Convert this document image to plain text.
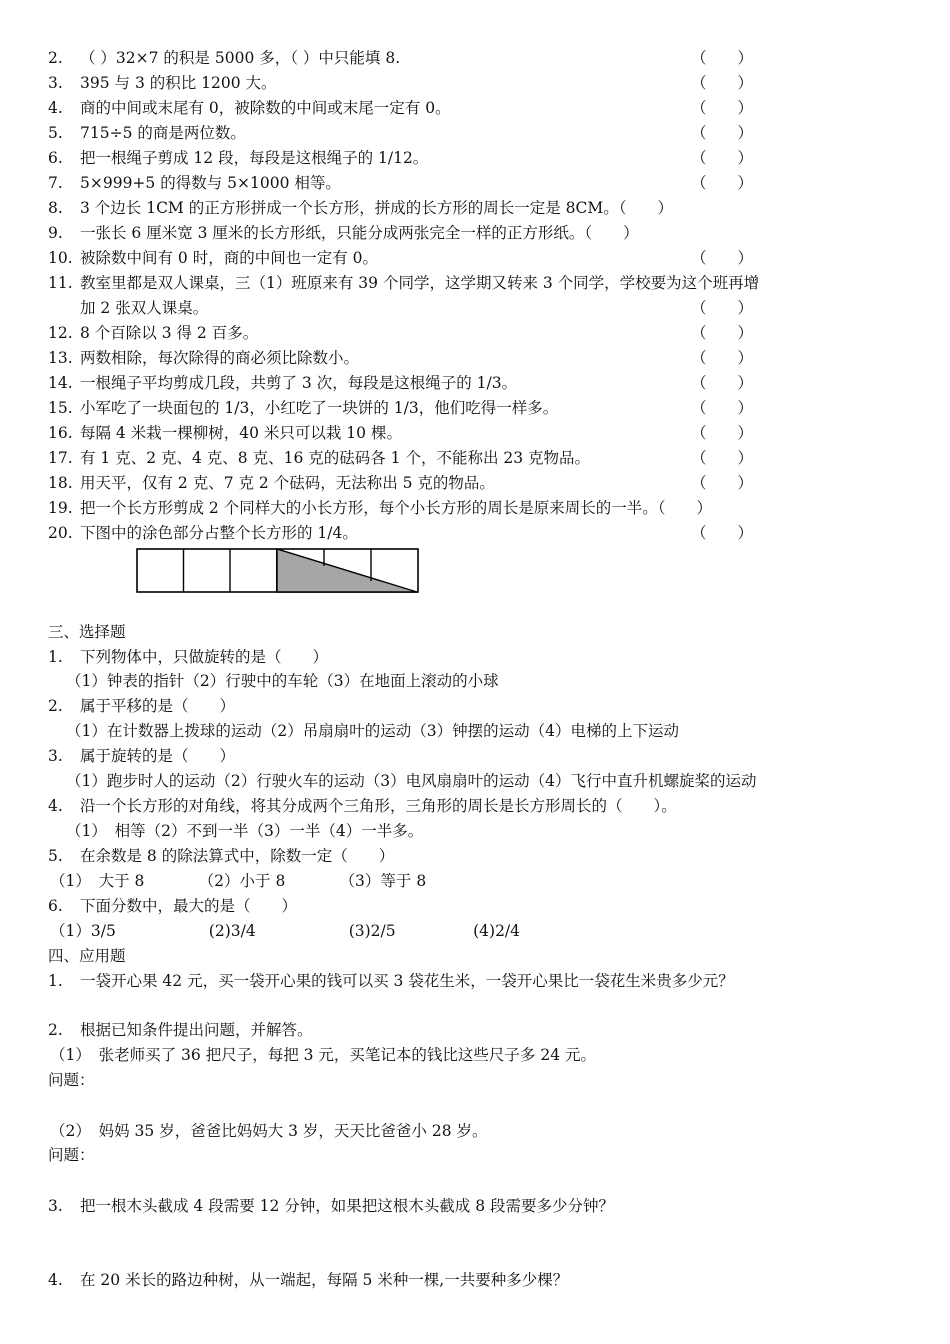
2. （ ）32×7 的积是 5000 多，（ ）中只能填 8.	（　　）
3. 395 与 3 的积比 1200 大。	（　　）
4. 商的中间或末尾有 0，被除数的中间或末尾一定有 0。	（　　）
5. 715÷5 的商是两位数。	（　　）
6. 把一根绳子剪成 12 段，每段是这根绳子的 1/12。	（　　）
7. 5×999+5 的得数与 5×1000 相等。	（　　）
8. 3 个边长 1CM 的正方形拼成一个长方形，拼成的长方形的周长一定是 8CM。（　　）
9. 一张长 6 厘米宽 3 厘米的长方形纸，只能分成两张完全一样的正方形纸。（　　）
10. 被除数中间有 0 时，商的中间也一定有 0。	（　　）
11. 教室里都是双人课桌，三（1）班原来有 39 个同学，这学期又转来 3 个同学，学校要为这个班再增
加 2 张双人课桌。	（　　）
12. 8 个百除以 3 得 2 百多。	（　　）
13. 两数相除，每次除得的商必须比除数小。	（　　）
14. 一根绳子平均剪成几段，共剪了 3 次，每段是这根绳子的 1/3。	（　　）
15. 小军吃了一块面包的 1/3，小红吃了一块饼的 1/3，他们吃得一样多。	（　　）
16. 每隔 4 米栽一棵柳树，40 米只可以栽 10 棵。	（　　）
17. 有 1 克、2 克、4 克、8 克、16 克的砝码各 1 个，不能称出 23 克物品。	（　　）
18. 用天平，仅有 2 克、7 克 2 个砝码，无法称出 5 克的物品。	（　　）
19. 把一个长方形剪成 2 个同样大的小长方形，每个小长方形的周长是原来周长的一半。（　　）
20. 下图中的涂色部分占整个长方形的 1/4。	（　　）
三、选择题
1. 下列物体中，只做旋转的是（　　）
（1）钟表的指针（2）行驶中的车轮（3）在地面上滚动的小球
2. 属于平移的是（　　）
（1）在计数器上拨球的运动（2）吊扇扇叶的运动（3）钟摆的运动（4）电梯的上下运动
3. 属于旋转的是（　　）
（1）跑步时人的运动（2）行驶火车的运动（3）电风扇扇叶的运动（4）飞行中直升机螺旋桨的运动
4. 沿一个长方形的对角线，将其分成两个三角形，三角形的周长是长方形周长的（　　）。
（1）　相等（2）不到一半（3）一半（4）一半多。
5. 在余数是 8 的除法算式中，除数一定（　　）
（1）　大于 8　　　　（2）小于 8　　　　（3）等于 8
6. 下面分数中，最大的是（　　）
（1）3/5　　　　　　(2)3/4　　　　　　(3)2/5　　　　　(4)2/4
四、应用题
1. 一袋开心果 42 元，买一袋开心果的钱可以买 3 袋花生米，一袋开心果比一袋花生米贵多少元？
2. 根据已知条件提出问题，并解答。
（1）　张老师买了 36 把尺子，每把 3 元，买笔记本的钱比这些尺子多 24 元。
问题：
（2）　妈妈 35 岁，爸爸比妈妈大 3 岁，天天比爸爸小 28 岁。
问题：
3. 把一根木头截成 4 段需要 12 分钟，如果把这根木头截成 8 段需要多少分钟？
4. 在 20 米长的路边种树，从一端起，每隔 5 米种一棵,一共要种多少棵？
